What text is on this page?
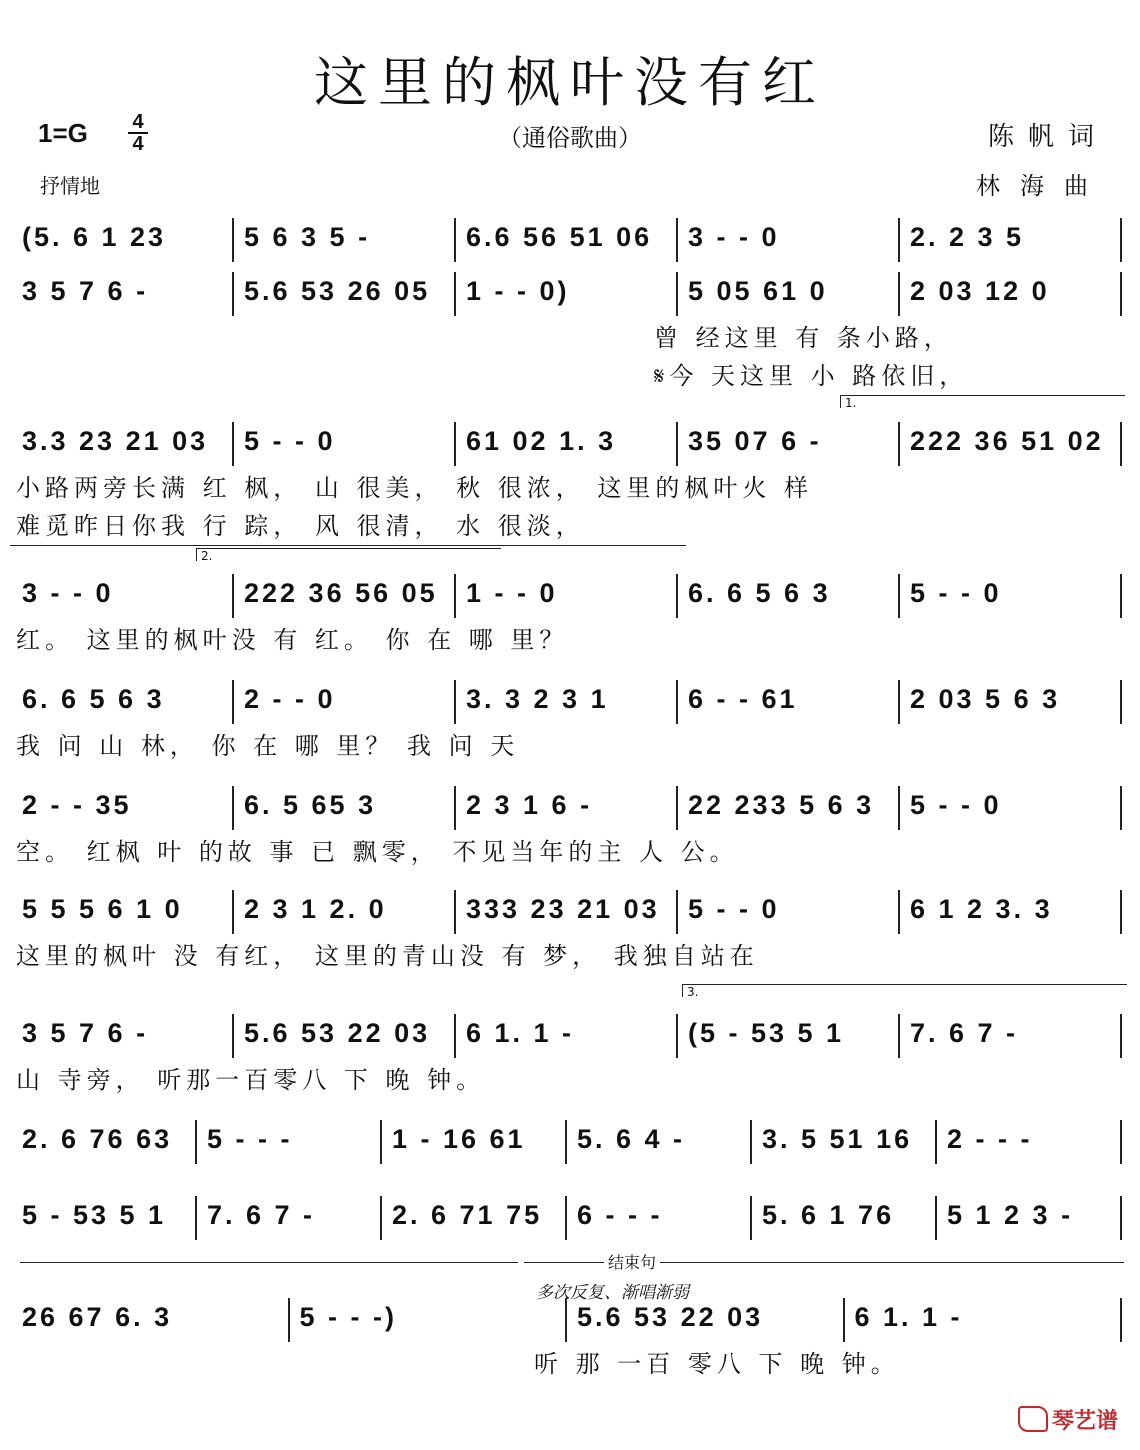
这里的枫叶没有红
1=G 4
4	（通俗歌曲）	陈帆词
林海曲
抒情地
(5. 6 1 23	5 6 3 5 -	6.6 56 51 06 3 - - 0	2. 2 3 5
3 5 7 6 -	5.6 53 26 05 1 - - 0)	5 05 61 0	2 03 12 0
曾 经这里 有 条小路，
𝄋今 天这里 小 路依旧，
3.3 23 21 03 5 - - 0	61 02 1. 3	35 07 6 -	222 36 51 02
小路两旁长满 红 枫， 山 很美， 秋 很浓， 这里的枫叶火 样
难觅昨日你我 行 踪， 风 很清， 水 很淡，
3 - - 0	222 36 56 05 1 - - 0	6. 6 5 6 3	5 - - 0
红。 这里的枫叶没 有 红。 你 在 哪 里？
6. 6 5 6 3	2 - - 0	3. 3 2 3 1	6 - - 61	2 03 5 6 3
我 问 山 林， 你 在 哪 里？ 我 问 天
2 - - 35	6. 5 65 3	2 3 1 6 -	22 233 5 6 3 5 - - 0
空。 红枫 叶 的故 事 已 飘零， 不见当年的主 人 公。
5 5 5 6 1 0 2 3 1 2. 0	333 23 21 03 5 - - 0	6 1 2 3. 3
这里的枫叶 没 有红， 这里的青山没 有 梦， 我独自站在
3 5 7 6 -	5.6 53 22 03 6 1. 1 -	(5 - 53 5 1 7. 6 7 -
山 寺旁， 听那一百零八 下 晚 钟。
2. 6 76 63 5 - - -	1 - 16 61 5. 6 4 -	3. 5 51 16 2 - - -
5 - 53 5 1 7. 6 7 -	2. 6 71 75 6 - - -	5. 6 1 76 5 1 2 3 -
26 67 6. 3	5 - - -)	5.6 53 22 03	6 1. 1 -
听 那 一百 零八 下 晚 钟。
1.
2.
3.
结束句
多次反复、渐唱渐弱
琴艺谱
